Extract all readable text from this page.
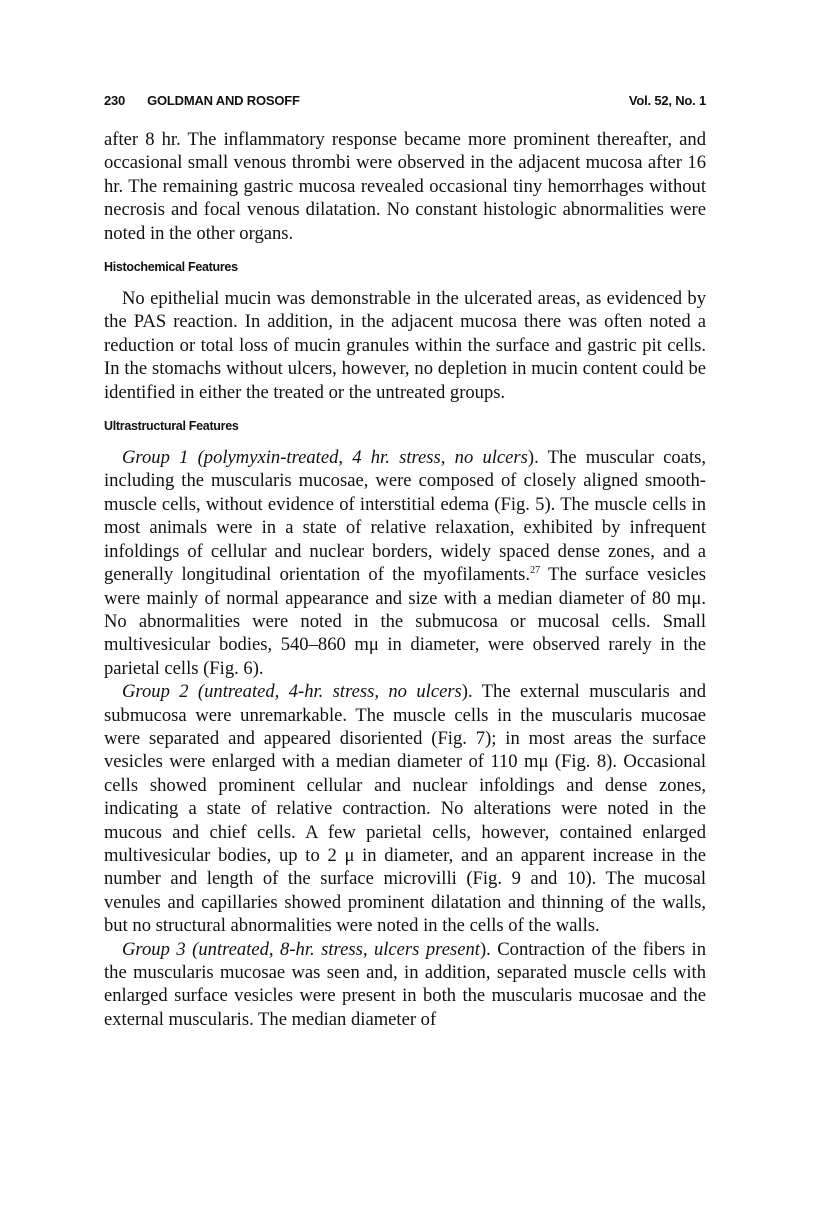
230 GOLDMAN AND ROSOFF	Vol. 52, No. 1

after 8 hr. The inflammatory response became more prominent thereafter, and occasional small venous thrombi were observed in the adjacent mucosa after 16 hr. The remaining gastric mucosa revealed occasional tiny hemorrhages without necrosis and focal venous dilatation. No constant histologic abnormalities were noted in the other organs.

Histochemical Features

No epithelial mucin was demonstrable in the ulcerated areas, as evidenced by the PAS reaction. In addition, in the adjacent mucosa there was often noted a reduction or total loss of mucin granules within the surface and gastric pit cells. In the stomachs without ulcers, however, no depletion in mucin content could be identified in either the treated or the untreated groups.

Ultrastructural Features

Group 1 (polymyxin-treated, 4 hr. stress, no ulcers). The muscular coats, including the muscularis mucosae, were composed of closely aligned smooth-muscle cells, without evidence of interstitial edema (Fig. 5). The muscle cells in most animals were in a state of relative relaxation, exhibited by infrequent infoldings of cellular and nuclear borders, widely spaced dense zones, and a generally longitudinal orientation of the myofilaments.$^{27}$ The surface vesicles were mainly of normal appearance and size with a median diameter of 80 mμ. No abnormalities were noted in the submucosa or mucosal cells. Small multivesicular bodies, 540–860 mμ in diameter, were observed rarely in the parietal cells (Fig. 6).

Group 2 (untreated, 4-hr. stress, no ulcers). The external muscularis and submucosa were unremarkable. The muscle cells in the muscularis mucosae were separated and appeared disoriented (Fig. 7); in most areas the surface vesicles were enlarged with a median diameter of 110 mμ (Fig. 8). Occasional cells showed prominent cellular and nuclear infoldings and dense zones, indicating a state of relative contraction. No alterations were noted in the mucous and chief cells. A few parietal cells, however, contained enlarged multivesicular bodies, up to 2 μ in diameter, and an apparent increase in the number and length of the surface microvilli (Fig. 9 and 10). The mucosal venules and capillaries showed prominent dilatation and thinning of the walls, but no structural abnormalities were noted in the cells of the walls.

Group 3 (untreated, 8-hr. stress, ulcers present). Contraction of the fibers in the muscularis mucosae was seen and, in addition, separated muscle cells with enlarged surface vesicles were present in both the muscularis mucosae and the external muscularis. The median diameter of
